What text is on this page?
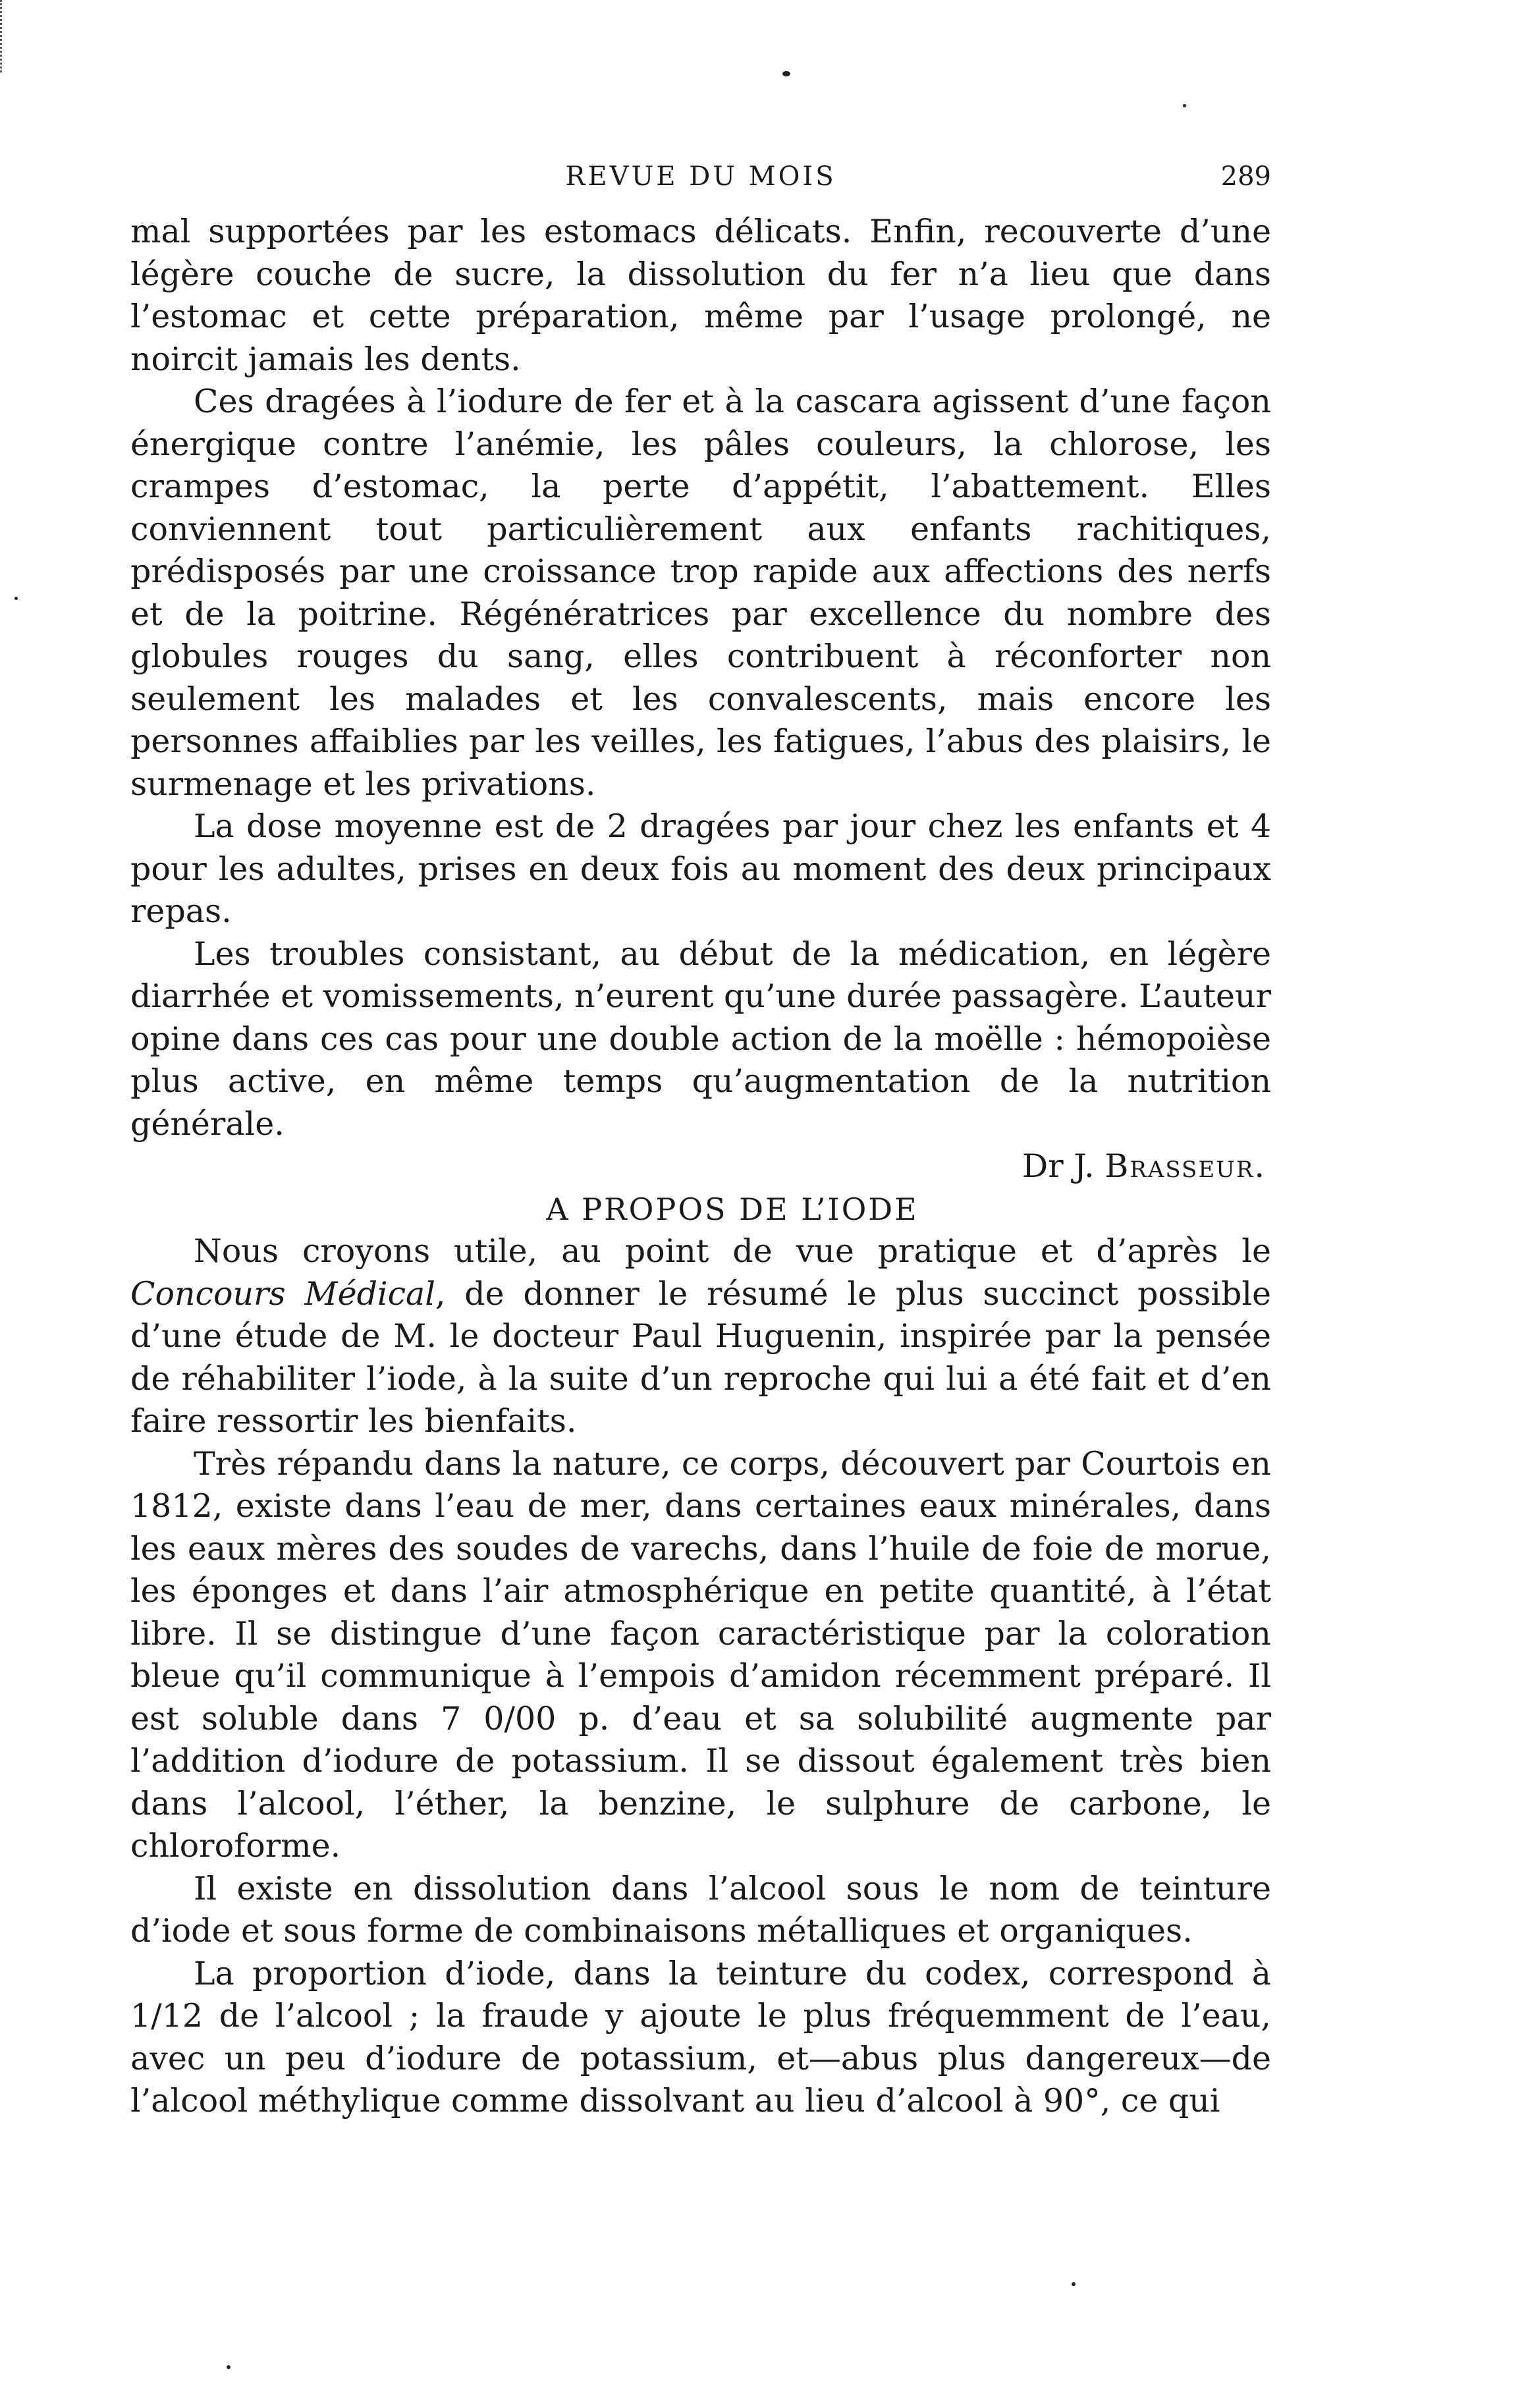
REVUE DU MOIS	289

mal supportées par les estomacs délicats. Enfin, recouverte d’une légère couche de sucre, la dissolution du fer n’a lieu que dans l’estomac et cette préparation, même par l’usage prolongé, ne noircit jamais les dents.

Ces dragées à l’iodure de fer et à la cascara agissent d’une façon énergique contre l’anémie, les pâles couleurs, la chlorose, les crampes d’estomac, la perte d’appétit, l’abattement. Elles conviennent tout particulièrement aux enfants rachitiques, prédisposés par une croissance trop rapide aux affections des nerfs et de la poitrine. Régénératrices par excellence du nombre des globules rouges du sang, elles contribuent à réconforter non seulement les malades et les convalescents, mais encore les personnes affaiblies par les veilles, les fatigues, l’abus des plaisirs, le surmenage et les privations.

La dose moyenne est de 2 dragées par jour chez les enfants et 4 pour les adultes, prises en deux fois au moment des deux principaux repas.

Les troubles consistant, au début de la médication, en légère diarrhée et vomissements, n’eurent qu’une durée passagère. L’auteur opine dans ces cas pour une double action de la moëlle : hémopoièse plus active, en même temps qu’augmentation de la nutrition générale.

Dr J. Brasseur.

A PROPOS DE L’IODE

Nous croyons utile, au point de vue pratique et d’après le Concours Médical, de donner le résumé le plus succinct possible d’une étude de M. le docteur Paul Huguenin, inspirée par la pensée de réhabiliter l’iode, à la suite d’un reproche qui lui a été fait et d’en faire ressortir les bienfaits.

Très répandu dans la nature, ce corps, découvert par Courtois en 1812, existe dans l’eau de mer, dans certaines eaux minérales, dans les eaux mères des soudes de varechs, dans l’huile de foie de morue, les éponges et dans l’air atmosphérique en petite quantité, à l’état libre. Il se distingue d’une façon caractéristique par la coloration bleue qu’il communique à l’empois d’amidon récemment préparé. Il est soluble dans 7 0/00 p. d’eau et sa solubilité augmente par l’addition d’iodure de potassium. Il se dissout également très bien dans l’alcool, l’éther, la benzine, le sulphure de carbone, le chloroforme.

Il existe en dissolution dans l’alcool sous le nom de teinture d’iode et sous forme de combinaisons métalliques et organiques.

La proportion d’iode, dans la teinture du codex, correspond à 1/12 de l’alcool ; la fraude y ajoute le plus fréquemment de l’eau, avec un peu d’iodure de potassium, et—abus plus dangereux—de l’alcool méthylique comme dissolvant au lieu d’alcool à 90°, ce qui
